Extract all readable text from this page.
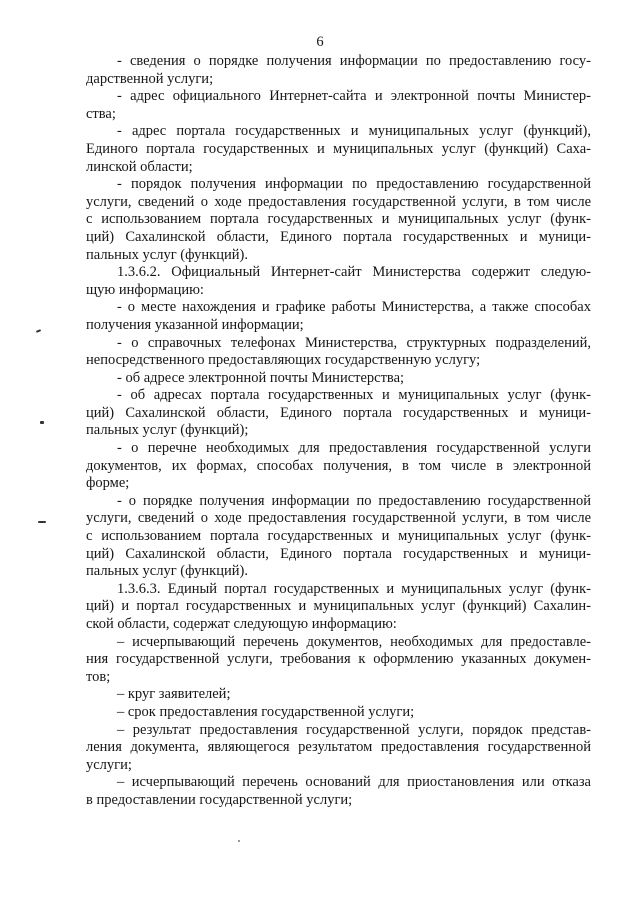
6
- сведения о порядке получения информации по предоставлению госу-
дарственной услуги;
- адрес официального Интернет-сайта и электронной почты Министер-
ства;
- адрес портала государственных и муниципальных услуг (функций),
Единого портала государственных и муниципальных услуг (функций) Саха-
линской области;
- порядок получения информации по предоставлению государственной
услуги, сведений о ходе предоставления государственной услуги, в том числе
с использованием портала государственных и муниципальных услуг (функ-
ций) Сахалинской области, Единого портала государственных и муници-
пальных услуг (функций).
1.3.6.2. Официальный Интернет-сайт Министерства содержит следую-
щую информацию:
- о месте нахождения и графике работы Министерства, а также способах
получения указанной информации;
- о справочных телефонах Министерства, структурных подразделений,
непосредственного предоставляющих государственную услугу;
- об адресе электронной почты Министерства;
- об адресах портала государственных и муниципальных услуг (функ-
ций) Сахалинской области, Единого портала государственных и муници-
пальных услуг (функций);
- о перечне необходимых для предоставления государственной услуги
документов, их формах, способах получения, в том числе в электронной
форме;
- о порядке получения информации по предоставлению государственной
услуги, сведений о ходе предоставления государственной услуги, в том числе
с использованием портала государственных и муниципальных услуг (функ-
ций) Сахалинской области, Единого портала государственных и муници-
пальных услуг (функций).
1.3.6.3. Единый портал государственных и муниципальных услуг (функ-
ций) и портал государственных и муниципальных услуг (функций) Сахалин-
ской области, содержат следующую информацию:
– исчерпывающий перечень документов, необходимых для предоставле-
ния государственной услуги, требования к оформлению указанных докумен-
тов;
– круг заявителей;
– срок предоставления государственной услуги;
– результат предоставления государственной услуги, порядок представ-
ления документа, являющегося результатом предоставления государственной
услуги;
– исчерпывающий перечень оснований для приостановления или отказа
в предоставлении государственной услуги;
